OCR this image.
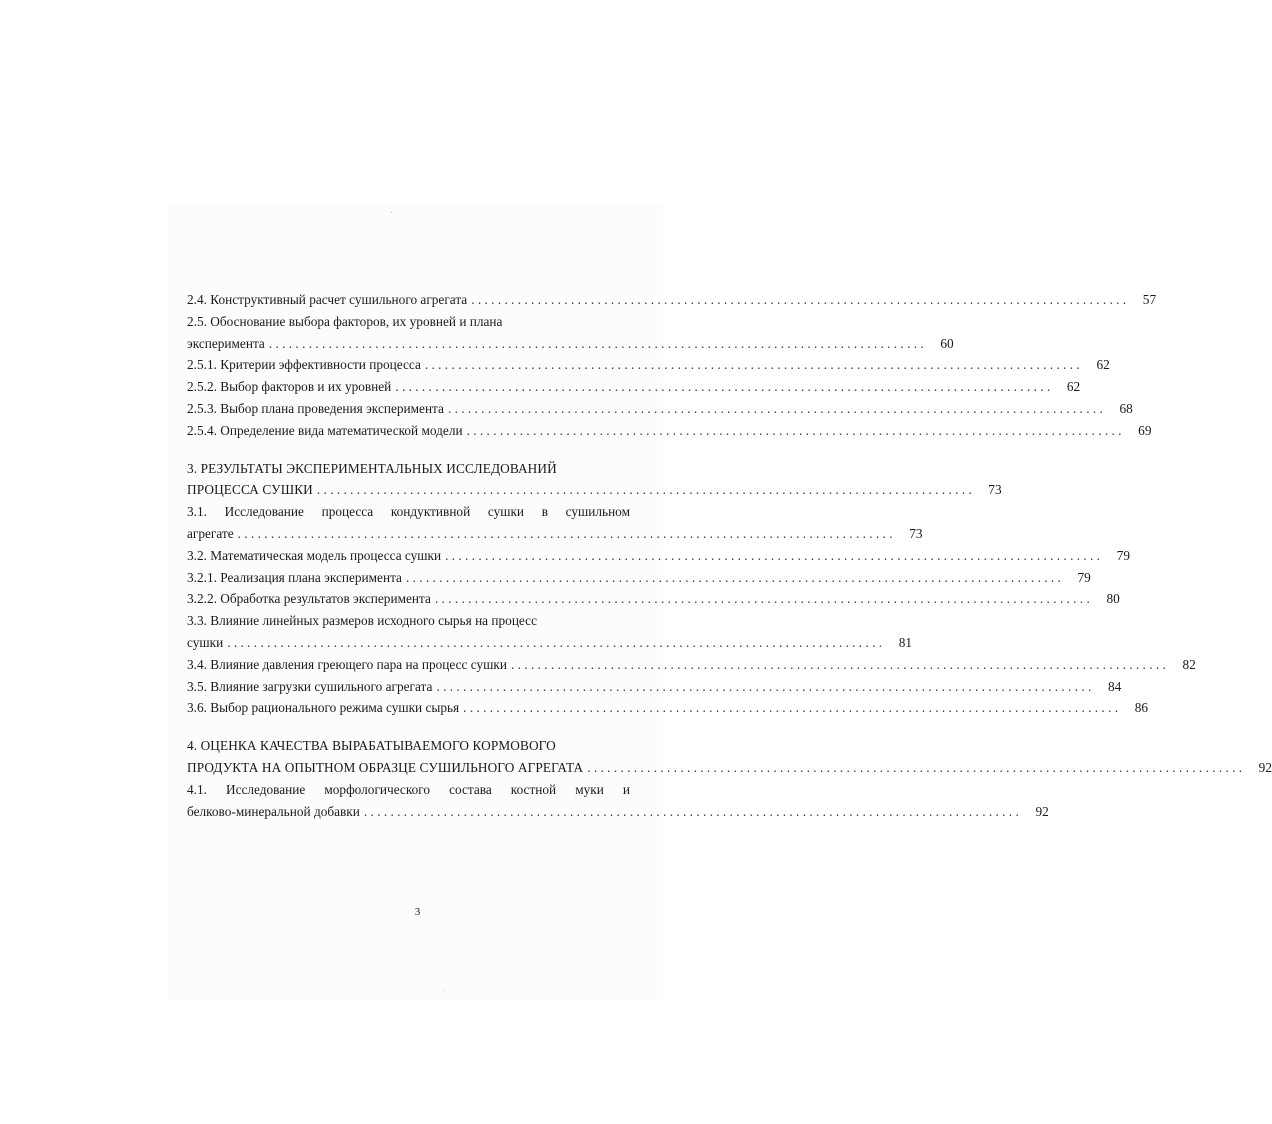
2.4. Конструктивный расчет сушильного агрегата . . .	57
2.5. Обоснование выбора факторов, их уровней и плана
эксперимента . . .	60
2.5.1. Критерии эффективности процесса . . .	62
2.5.2. Выбор факторов и их уровней . . .	62
2.5.3. Выбор плана проведения эксперимента . . .	68
2.5.4. Определение вида математической модели . . .	69
3. РЕЗУЛЬТАТЫ ЭКСПЕРИМЕНТАЛЬНЫХ ИССЛЕДОВАНИЙ
ПРОЦЕССА СУШКИ . . .	73
3.1. Исследование процесса кондуктивной сушки в сушильном
агрегате . . .	73
3.2. Математическая модель процесса сушки . . .	79
3.2.1. Реализация плана эксперимента . . .	79
3.2.2. Обработка результатов эксперимента . . .	80
3.3. Влияние линейных размеров исходного сырья на процесс
сушки . . .	81
3.4. Влияние давления греющего пара на процесс сушки . . .	82
3.5. Влияние загрузки сушильного агрегата . . .	84
3.6. Выбор рационального режима сушки сырья . . .	86
4. ОЦЕНКА КАЧЕСТВА ВЫРАБАТЫВАЕМОГО КОРМОВОГО
ПРОДУКТА НА ОПЫТНОМ ОБРАЗЦЕ СУШИЛЬНОГО АГРЕГАТА . . .	92
4.1. Исследование морфологического состава костной муки и
белково-минеральной добавки . . .	92
3
